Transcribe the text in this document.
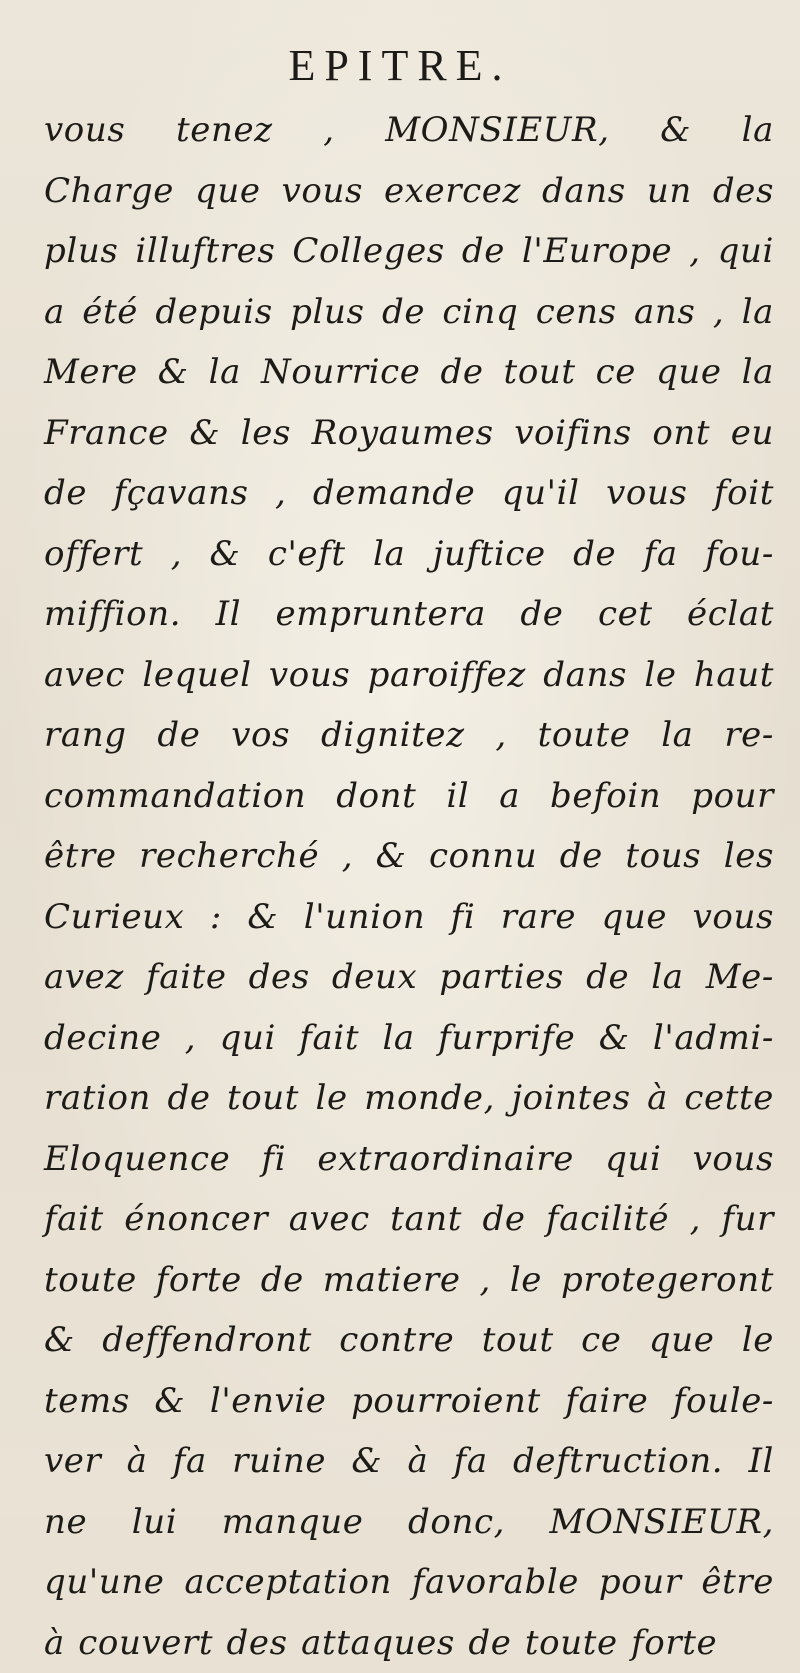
EPITRE.
vous tenez , MONSIEUR, & la
Charge que vous exercez dans un des
plus illuftres Colleges de l'Europe , qui
a été depuis plus de cinq cens ans , la
Mere & la Nourrice de tout ce que la
France & les Royaumes voifins ont eu
de fçavans , demande qu'il vous foit
offert , & c'eft la juftice de fa fou-
miffion. Il empruntera de cet éclat
avec lequel vous paroiffez dans le haut
rang de vos dignitez , toute la re-
commandation dont il a befoin pour
être recherché , & connu de tous les
Curieux : & l'union fi rare que vous
avez faite des deux parties de la Me-
decine , qui fait la furprife & l'admi-
ration de tout le monde, jointes à cette
Eloquence fi extraordinaire qui vous
fait énoncer avec tant de facilité , fur
toute forte de matiere , le protegeront
& deffendront contre tout ce que le
tems & l'envie pourroient faire foule-
ver à fa ruine & à fa deftruction. Il
ne lui manque donc, MONSIEUR,
qu'une acceptation favorable pour être
à couvert des attaques de toute forte
